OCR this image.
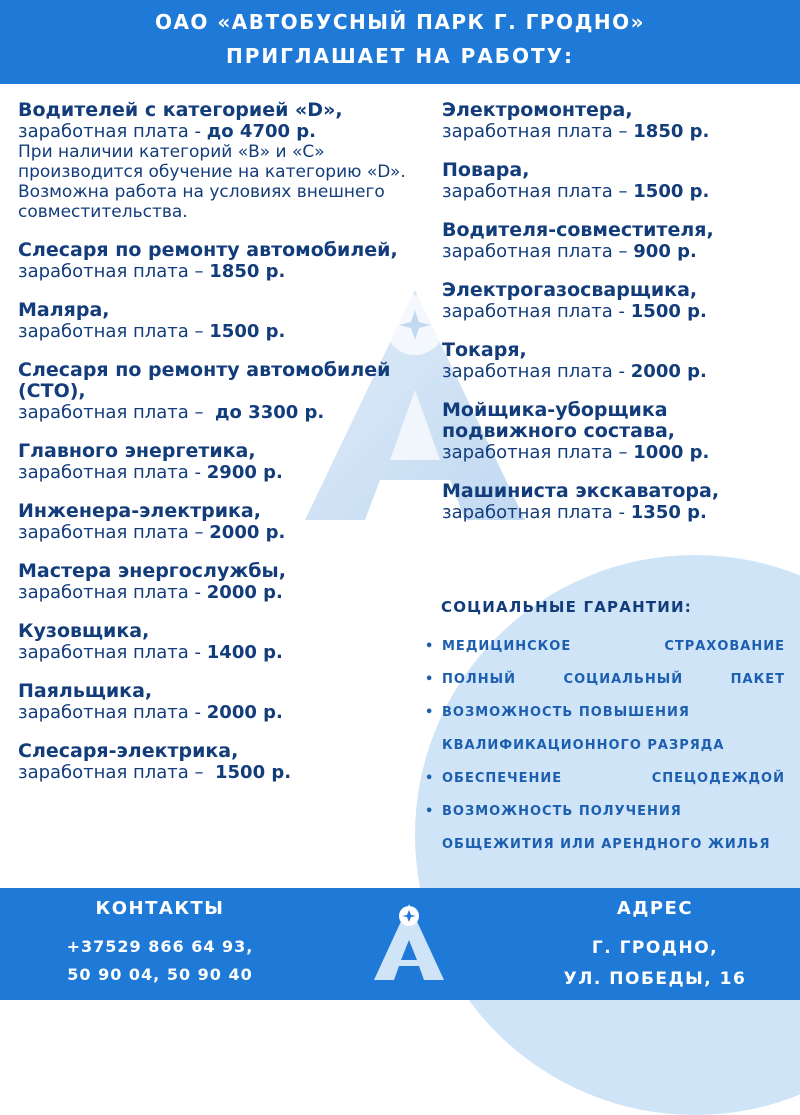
ОАО «АВТОБУСНЫЙ ПАРК Г. ГРОДНО»
ПРИГЛАШАЕТ НА РАБОТУ:
Водителей с категорией «D»,
заработная плата - до 4700 р.
При наличии категорий «В» и «С» производится обучение на категорию «D». Возможна работа на условиях внешнего совместительства.
Слесаря по ремонту автомобилей,
заработная плата – 1850 р.
Маляра,
заработная плата – 1500 р.
Слесаря по ремонту автомобилей (СТО),
заработная плата –  до 3300 р.
Главного энергетика,
заработная плата - 2900 р.
Инженера-электрика,
заработная плата – 2000 р.
Мастера энергослужбы,
заработная плата - 2000 р.
Кузовщика,
заработная плата - 1400 р.
Паяльщика,
заработная плата - 2000 р.
Слесаря-электрика,
заработная плата –  1500 р.
Электромонтера,
заработная плата – 1850 р.
Повара,
заработная плата – 1500 р.
Водителя-совместителя,
заработная плата – 900 р.
Электрогазосварщика,
заработная плата - 1500 р.
Токаря,
заработная плата - 2000 р.
Мойщика-уборщика подвижного состава,
заработная плата – 1000 р.
Машиниста экскаватора,
заработная плата - 1350 р.
СОЦИАЛЬНЫЕ ГАРАНТИИ:
• МЕДИЦИНСКОЕ СТРАХОВАНИЕ
• ПОЛНЫЙ СОЦИАЛЬНЫЙ ПАКЕТ
• ВОЗМОЖНОСТЬ ПОВЫШЕНИЯ КВАЛИФИКАЦИОННОГО РАЗРЯДА
• ОБЕСПЕЧЕНИЕ СПЕЦОДЕЖДОЙ
• ВОЗМОЖНОСТЬ ПОЛУЧЕНИЯ ОБЩЕЖИТИЯ ИЛИ АРЕНДНОГО ЖИЛЬЯ
КОНТАКТЫ
+37529 866 64 93,
50 90 04, 50 90 40
АДРЕС
Г. ГРОДНО,
УЛ. ПОБЕДЫ, 16
